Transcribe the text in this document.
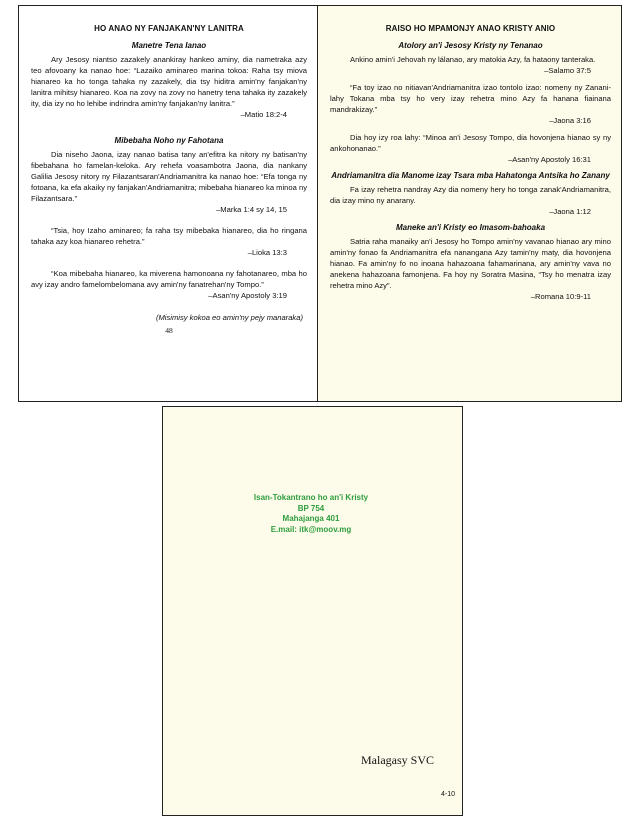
HO ANAO NY FANJAKAN'NY LANITRA

Manetre Tena Ianao

Ary Jesosy niantso zazakely anankiray hankeo aminy, dia nametraka azy teo afovoany ka nanao hoe: “Lazaiko aminareo marina tokoa: Raha tsy miova hianareo ka ho tonga tahaka ny zazakely, dia tsy hiditra amin'ny fanjakan'ny lanitra mihitsy hianareo. Koa na zovy na zovy no hanetry tena tahaka ity zazakely ity, dia izy no ho lehibe indrindra amin'ny fanjakan'ny lanitra.”

–Matio 18:2-4

Mibebaha Noho ny Fahotana

Dia niseho Jaona, izay nanao batisa tany an'efitra ka nitory ny batisan'ny fibebahana ho famelan-keloka. Ary rehefa voasambotra Jaona, dia nankany Galilia Jesosy nitory ny Filazantsaran'Andriamanitra ka nanao hoe: “Efa tonga ny fotoana, ka efa akaiky ny fanjakan'Andriamanitra; mibebaha hianareo ka minoa ny Filazantsara.”

–Marka 1:4 sy 14, 15

“Tsia, hoy Izaho aminareo; fa raha tsy mibebaka hianareo, dia ho ringana tahaka azy koa hianareo rehetra.”

–Lioka 13:3

“Koa mibebaha hianareo, ka miverena hamonoana ny fahotanareo, mba ho avy izay andro famelombelomana avy amin'ny fanatrehan'ny Tompo.”

–Asan'ny Apostoly 3:19

(Misimisy kokoa eo amin'ny pejy manaraka)

48

RAISO HO MPAMONJY ANAO KRISTY ANIO

Atolory an'i Jesosy Kristy ny Tenanao

Ankino amin'i Jehovah ny lálanao, ary matokia Azy, fa hataony tanteraka.

–Salamo 37:5

“Fa toy izao no nitiavan'Andriamanitra izao tontolo izao: nomeny ny Zanani-lahy Tokana mba tsy ho very izay rehetra mino Azy fa hanana fiainana mandrakizay.”

–Jaona 3:16

Dia hoy izy roa lahy: “Minoa an'i Jesosy Tompo, dia hovonjena hianao sy ny ankohonanao.”

–Asan'ny Apostoly 16:31

Andriamanitra dia Manome izay Tsara mba Hahatonga Antsika ho Zanany

Fa izay rehetra nandray Azy dia nomeny hery ho tonga zanak'Andriamanitra, dia izay mino ny anarany.

–Jaona 1:12

Maneke an'i Kristy eo Imasom-bahoaka

Satria raha manaiky an'i Jesosy ho Tompo amin'ny vavanao hianao ary mino amin'ny fonao fa Andriamanitra efa nanangana Azy tamin'ny maty, dia hovonjena hianao. Fa amin'ny fo no inoana hahazoana fahamarinana, ary amin'ny vava no anekena hahazoana famonjena. Fa hoy ny Soratra Masina, “Tsy ho menatra izay rehetra mino Azy”.

–Romana 10:9-11

Isan-Tokantrano ho an'i Kristy
BP 754
Mahajanga 401
E.mail: itk@moov.mg
Malagasy SVC
4-10
